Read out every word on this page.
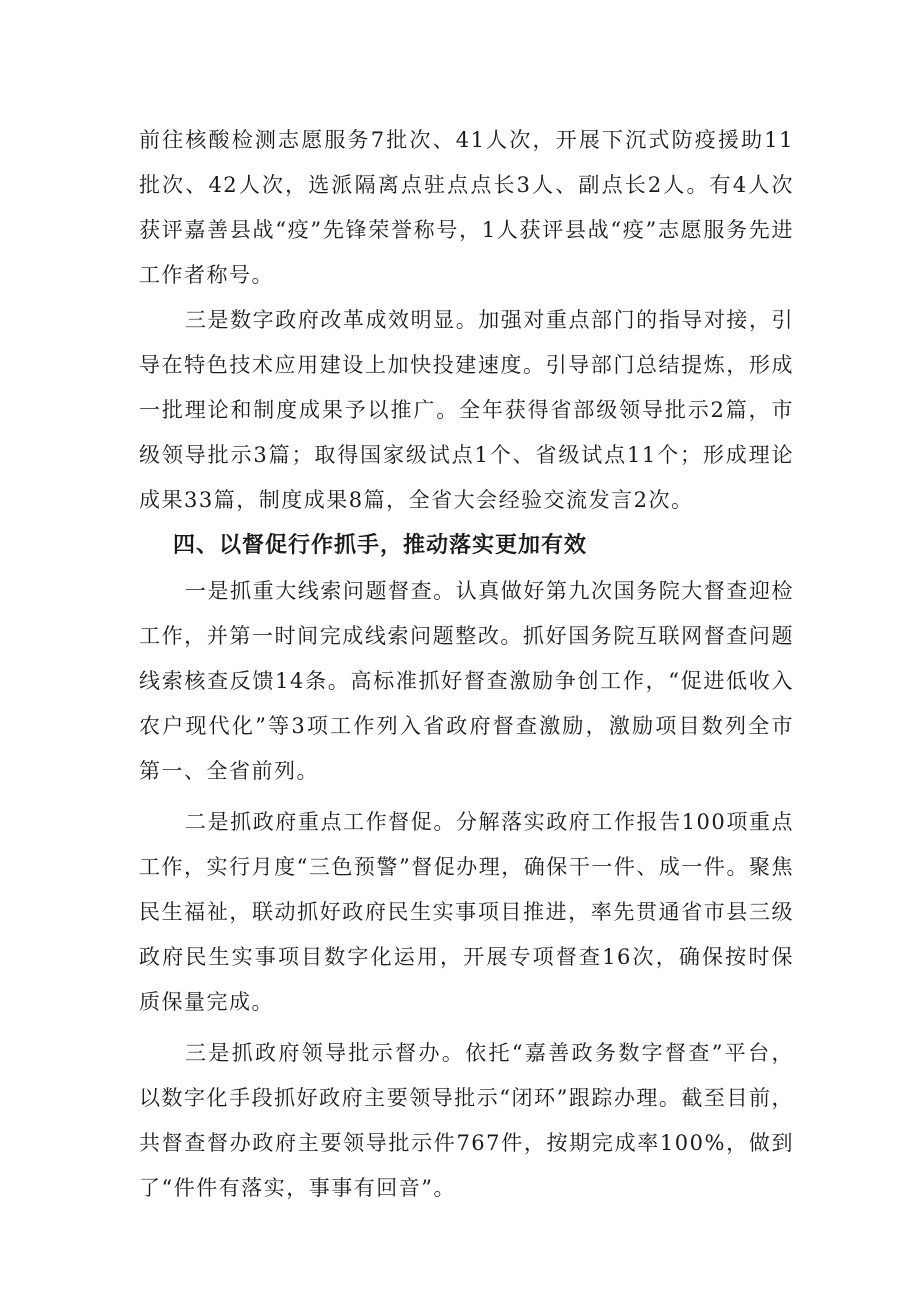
前往核酸检测志愿服务7批次、41人次，开展下沉式防疫援助11批次、42人次，选派隔离点驻点点长3人、副点长2人。有4人次获评嘉善县战“疫”先锋荣誉称号，1人获评县战“疫”志愿服务先进工作者称号。

三是数字政府改革成效明显。加强对重点部门的指导对接，引导在特色技术应用建设上加快投建速度。引导部门总结提炼，形成一批理论和制度成果予以推广。全年获得省部级领导批示2篇，市级领导批示3篇；取得国家级试点1个、省级试点11个；形成理论成果33篇，制度成果8篇，全省大会经验交流发言2次。

四、以督促行作抓手，推动落实更加有效

一是抓重大线索问题督查。认真做好第九次国务院大督查迎检工作，并第一时间完成线索问题整改。抓好国务院互联网督查问题线索核查反馈14条。高标准抓好督查激励争创工作，“促进低收入农户现代化”等3项工作列入省政府督查激励，激励项目数列全市第一、全省前列。

二是抓政府重点工作督促。分解落实政府工作报告100项重点工作，实行月度“三色预警”督促办理，确保干一件、成一件。聚焦民生福祉，联动抓好政府民生实事项目推进，率先贯通省市县三级政府民生实事项目数字化运用，开展专项督查16次，确保按时保质保量完成。

三是抓政府领导批示督办。依托“嘉善政务数字督查”平台，以数字化手段抓好政府主要领导批示“闭环”跟踪办理。截至目前，共督查督办政府主要领导批示件767件，按期完成率100%，做到了“件件有落实，事事有回音”。
